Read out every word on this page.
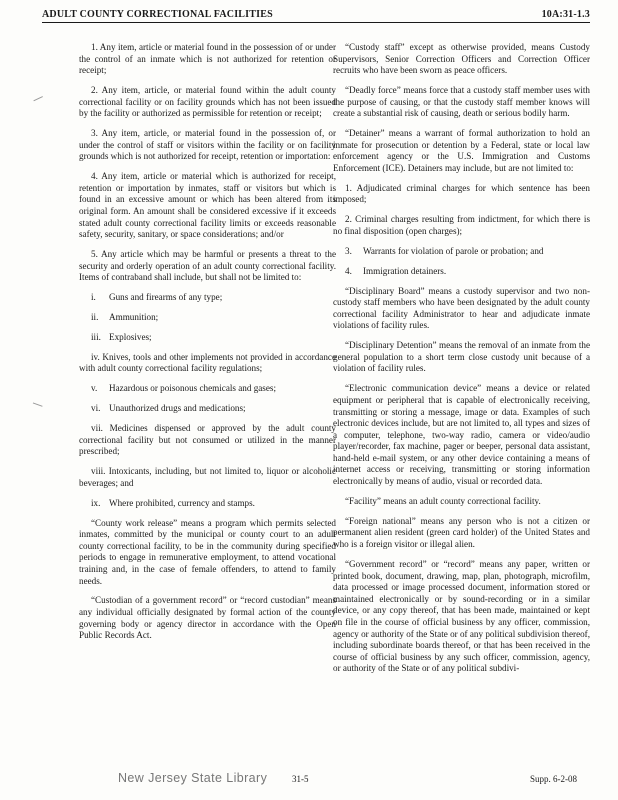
ADULT COUNTY CORRECTIONAL FACILITIES	10A:31-1.3

1. Any item, article or material found in the possession of or under the control of an inmate which is not authorized for retention or receipt;

2. Any item, article, or material found within the adult county correctional facility or on facility grounds which has not been issued by the facility or authorized as permissible for retention or receipt;

3. Any item, article, or material found in the possession of, or under the control of staff or visitors within the facility or on facility grounds which is not authorized for receipt, retention or importation:

4. Any item, article or material which is authorized for receipt, retention or importation by inmates, staff or visitors but which is found in an excessive amount or which has been altered from its original form. An amount shall be considered excessive if it exceeds stated adult county correctional facility limits or exceeds reasonable safety, security, sanitary, or space considerations; and/or

5. Any article which may be harmful or presents a threat to the security and orderly operation of an adult county correctional facility. Items of contraband shall include, but shall not be limited to:

i. Guns and firearms of any type;

ii. Ammunition;

iii. Explosives;

iv. Knives, tools and other implements not provided in accordance with adult county correctional facility regulations;

v. Hazardous or poisonous chemicals and gases;

vi. Unauthorized drugs and medications;

vii. Medicines dispensed or approved by the adult county correctional facility but not consumed or utilized in the manner prescribed;

viii. Intoxicants, including, but not limited to, liquor or alcoholic beverages; and

ix. Where prohibited, currency and stamps.

“County work release” means a program which permits selected inmates, committed by the municipal or county court to an adult county correctional facility, to be in the community during specified periods to engage in remunerative employment, to attend vocational training and, in the case of female offenders, to attend to family needs.

“Custodian of a government record” or “record custodian” means any individual officially designated by formal action of the county governing body or agency director in accordance with the Open Public Records Act.

“Custody staff” except as otherwise provided, means Custody Supervisors, Senior Correction Officers and Correction Officer recruits who have been sworn as peace officers.

“Deadly force” means force that a custody staff member uses with the purpose of causing, or that the custody staff member knows will create a substantial risk of causing, death or serious bodily harm.

“Detainer” means a warrant of formal authorization to hold an inmate for prosecution or detention by a Federal, state or local law enforcement agency or the U.S. Immigration and Customs Enforcement (ICE). Detainers may include, but are not limited to:

1. Adjudicated criminal charges for which sentence has been imposed;

2. Criminal charges resulting from indictment, for which there is no final disposition (open charges);

3. Warrants for violation of parole or probation; and

4. Immigration detainers.

“Disciplinary Board” means a custody supervisor and two non-custody staff members who have been designated by the adult county correctional facility Administrator to hear and adjudicate inmate violations of facility rules.

“Disciplinary Detention” means the removal of an inmate from the general population to a short term close custody unit because of a violation of facility rules.

“Electronic communication device” means a device or related equipment or peripheral that is capable of electronically receiving, transmitting or storing a message, image or data. Examples of such electronic devices include, but are not limited to, all types and sizes of a computer, telephone, two-way radio, camera or video/audio player/recorder, fax machine, pager or beeper, personal data assistant, hand-held e-mail system, or any other device containing a means of internet access or receiving, transmitting or storing information electronically by means of audio, visual or recorded data.

“Facility” means an adult county correctional facility.

“Foreign national” means any person who is not a citizen or permanent alien resident (green card holder) of the United States and who is a foreign visitor or illegal alien.

“Government record” or “record” means any paper, written or printed book, document, drawing, map, plan, photograph, microfilm, data processed or image processed document, information stored or maintained electronically or by sound-recording or in a similar device, or any copy thereof, that has been made, maintained or kept on file in the course of official business by any officer, commission, agency or authority of the State or of any political subdivision thereof, including subordinate boards thereof, or that has been received in the course of official business by any such officer, commission, agency, or authority of the State or of any political subdivi-

New Jersey State Library	31-5	Supp. 6-2-08
